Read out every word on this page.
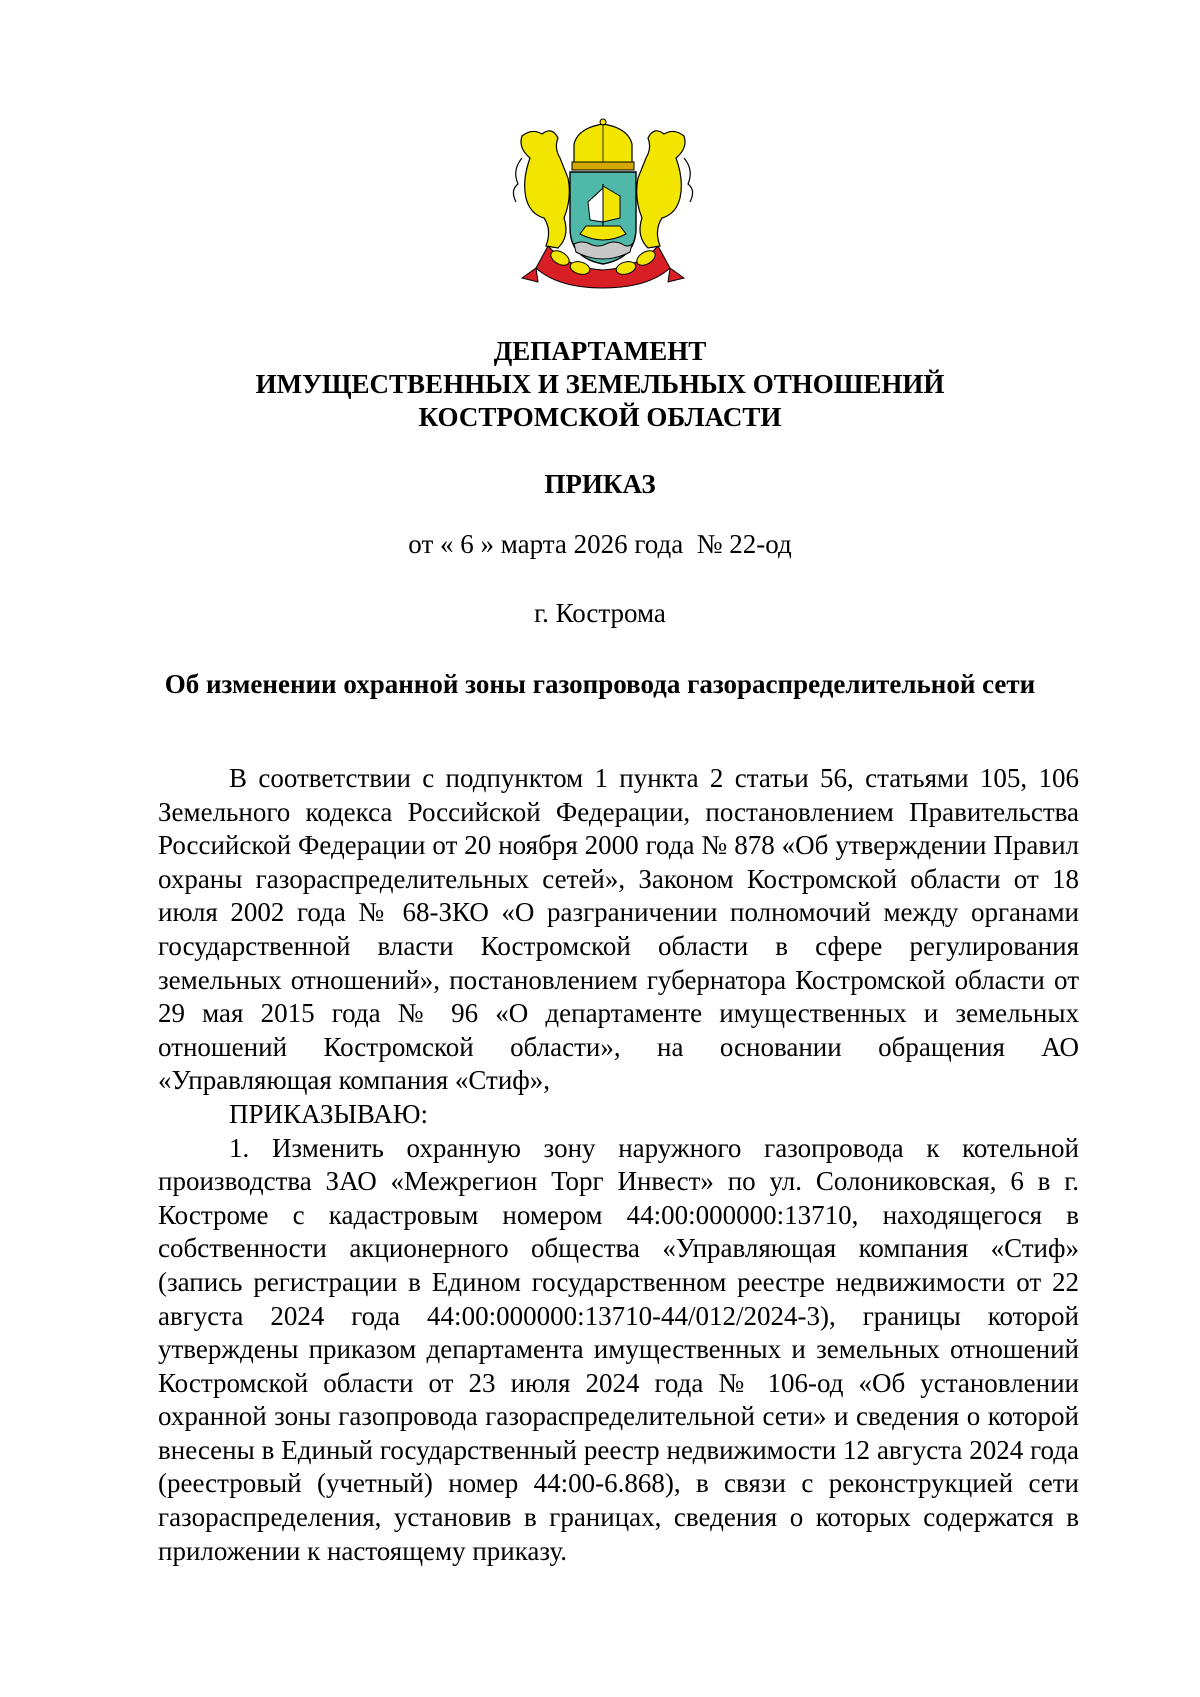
ДЕПАРТАМЕНТ
ИМУЩЕСТВЕННЫХ И ЗЕМЕЛЬНЫХ ОТНОШЕНИЙ
КОСТРОМСКОЙ ОБЛАСТИ
ПРИКАЗ
от « 6 » марта 2026 года  № 22-од
г. Кострома
Об изменении охранной зоны газопровода газораспределительной сети

В соответствии с подпунктом 1 пункта 2 статьи 56, статьями 105, 106 Земельного кодекса Российской Федерации, постановлением Правительства Российской Федерации от 20 ноября 2000 года № 878 «Об утверждении Правил охраны газораспределительных сетей», Законом Костромской области от 18 июля 2002 года № 68-ЗКО «О разграничении полномочий между органами государственной власти Костромской области в сфере регулирования земельных отношений», постановлением губернатора Костромской области от 29 мая 2015 года № 96 «О департаменте имущественных и земельных отношений Костромской области», на основании обращения АО «Управляющая компания «Стиф»,

ПРИКАЗЫВАЮ:

1. Изменить охранную зону наружного газопровода к котельной производства ЗАО «Межрегион Торг Инвест» по ул. Солониковская, 6 в г. Костроме с кадастровым номером 44:00:000000:13710, находящегося в собственности акционерного общества «Управляющая компания «Стиф» (запись регистрации в Едином государственном реестре недвижимости от 22 августа 2024 года 44:00:000000:13710-44/012/2024-3), границы которой утверждены приказом департамента имущественных и земельных отношений Костромской области от 23 июля 2024 года № 106-од «Об установлении охранной зоны газопровода газораспределительной сети» и сведения о которой внесены в Единый государственный реестр недвижимости 12 августа 2024 года (реестровый (учетный) номер 44:00-6.868), в связи с реконструкцией сети газораспределения, установив в границах, сведения о которых содержатся в приложении к настоящему приказу.
